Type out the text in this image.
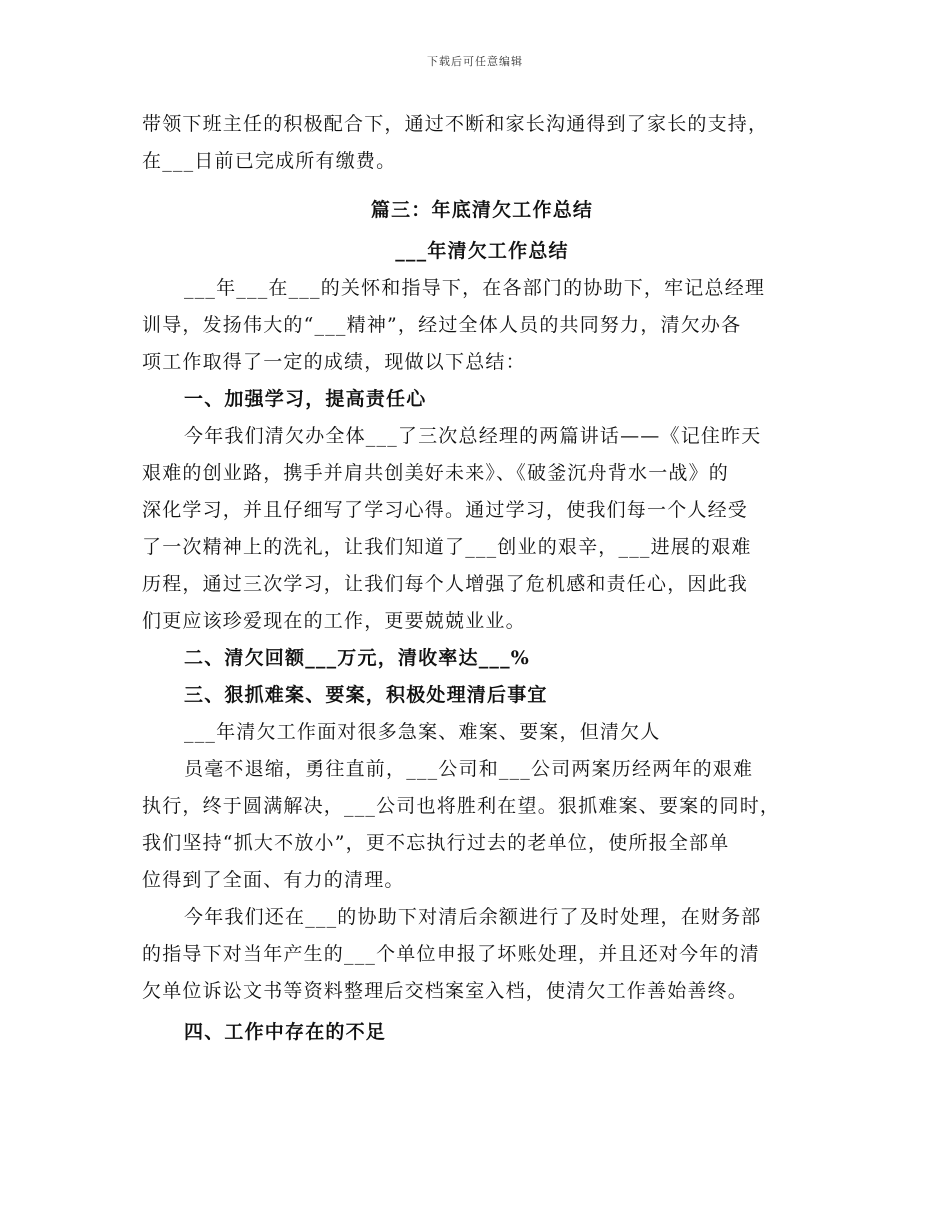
下载后可任意编辑
带领下班主任的积极配合下，通过不断和家长沟通得到了家长的支持，
在___日前已完成所有缴费。
篇三：年底清欠工作总结
___年清欠工作总结
___年___在___的关怀和指导下，在各部门的协助下，牢记总经理
训导，发扬伟大的“___精神”，经过全体人员的共同努力，清欠办各
项工作取得了一定的成绩，现做以下总结：
一、加强学习，提高责任心
今年我们清欠办全体___了三次总经理的两篇讲话——《记住昨天
艰难的创业路，携手并肩共创美好未来》、《破釜沉舟背水一战》的
深化学习，并且仔细写了学习心得。通过学习，使我们每一个人经受
了一次精神上的洗礼，让我们知道了___创业的艰辛，___进展的艰难
历程，通过三次学习，让我们每个人增强了危机感和责任心，因此我
们更应该珍爱现在的工作，更要兢兢业业。
二、清欠回额___万元，清收率达___%
三、狠抓难案、要案，积极处理清后事宜
___年清欠工作面对很多急案、难案、要案，但清欠人
员毫不退缩，勇往直前，___公司和___公司两案历经两年的艰难
执行，终于圆满解决，___公司也将胜利在望。狠抓难案、要案的同时，
我们坚持“抓大不放小”，更不忘执行过去的老单位，使所报全部单
位得到了全面、有力的清理。
今年我们还在___的协助下对清后余额进行了及时处理，在财务部
的指导下对当年产生的___个单位申报了坏账处理，并且还对今年的清
欠单位诉讼文书等资料整理后交档案室入档，使清欠工作善始善终。
四、工作中存在的不足
